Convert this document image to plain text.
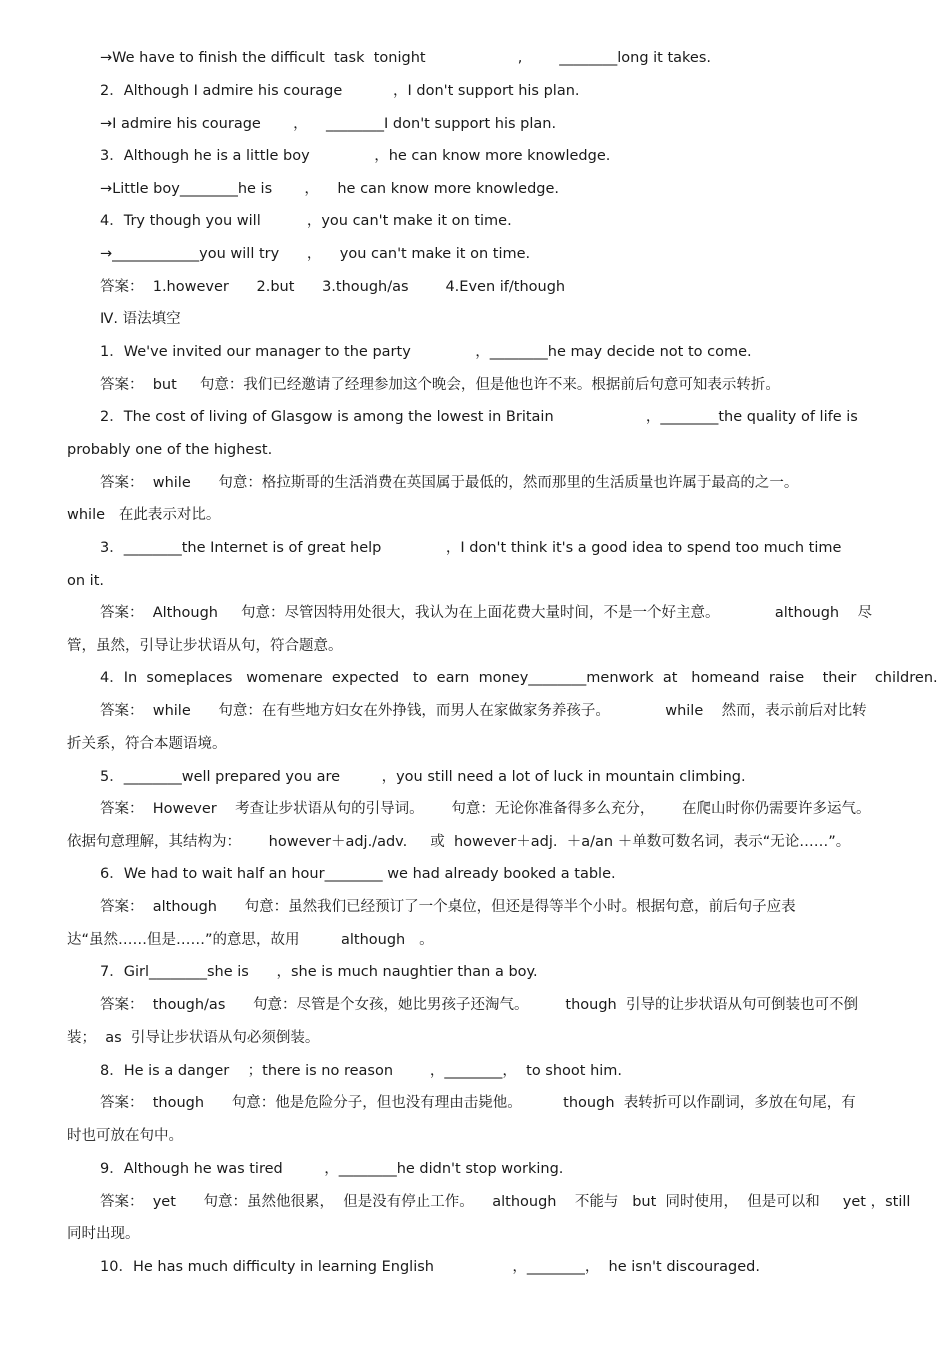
→We have to finish the difficult  task  tonight                    ,        ________long it takes.
2．Although I admire his courage           ，I don't support his plan.
→I admire his courage       ，    ________I don't support his plan.
3．Although he is a little boy              ，he can know more knowledge.
→Little boy________he is       ，    he can know more knowledge.
4．Try though you will          ，you can't make it on time.
→____________you will try      ，    you can't make it on time.
答案：  1.however      2.but      3.though/as        4.Even if/though
Ⅳ. 语法填空
1．We've invited our manager to the party              ，________he may decide not to come.
答案：  but     句意：我们已经邀请了经理参加这个晚会，但是他也许不来。根据前后句意可知表示转折。
2．The cost of living of Glasgow is among the lowest in Britain                    ，________the quality of life is
probably one of the highest.
答案：  while      句意：格拉斯哥的生活消费在英国属于最低的，然而那里的生活质量也许属于最高的之一。
while   在此表示对比。
3．________the Internet is of great help              ，I don't think it's a good idea to spend too much time
on it.
答案：  Although     句意：尽管因特用处很大，我认为在上面花费大量时间，不是一个好主意。            although    尽
管，虽然，引导让步状语从句，符合题意。
4．In  someplaces   womenare  expected   to  earn  money________menwork  at   homeand  raise    their    children.
答案：  while      句意：在有些地方妇女在外挣钱，而男人在家做家务养孩子。            while    然而，表示前后对比转
折关系，符合本题语境。
5．________well prepared you are         ，you still need a lot of luck in mountain climbing.
答案：  However    考查让步状语从句的引导词。      句意：无论你准备得多么充分，      在爬山时你仍需要许多运气。
依据句意理解，其结构为：      however＋adj./adv.     或  however＋adj.  ＋a/an ＋单数可数名词，表示“无论……”。
6．We had to wait half an hour________ we had already booked a table.
答案：  although      句意：虽然我们已经预订了一个桌位，但还是得等半个小时。根据句意，前后句子应表
达“虽然……但是……”的意思，故用         although   。
7．Girl________she is      ，she is much naughtier than a boy.
答案：  though/as      句意：尽管是个女孩，她比男孩子还淘气。        though  引导的让步状语从句可倒装也可不倒
装；  as  引导让步状语从句必须倒装。
8．He is a danger    ；there is no reason        ，________，  to shoot him.
答案：  though      句意：他是危险分子，但也没有理由击毙他。         though  表转折可以作副词，多放在句尾，有
时也可放在句中。
9．Although he was tired         ，________he didn't stop working.
答案：  yet      句意：虽然他很累，  但是没有停止工作。    although    不能与   but  同时使用，  但是可以和     yet ，still
同时出现。
10．He has much difficulty in learning English                 ，________，  he isn't discouraged.
